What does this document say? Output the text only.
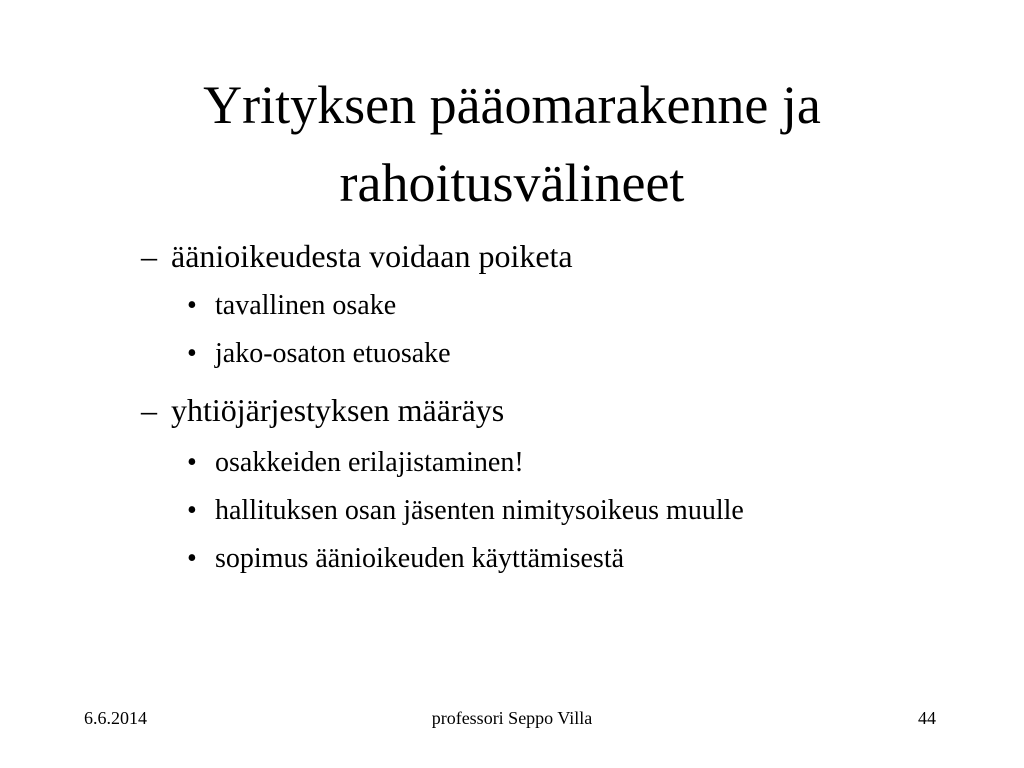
Yrityksen pääomarakenne ja
rahoitusvälineet
– äänioikeudesta voidaan poiketa
• tavallinen osake
• jako-osaton etuosake
– yhtiöjärjestyksen määräys
• osakkeiden erilajistaminen!
• hallituksen osan jäsenten nimitysoikeus muulle
• sopimus äänioikeuden käyttämisestä
6.6.2014	professori Seppo Villa	44
